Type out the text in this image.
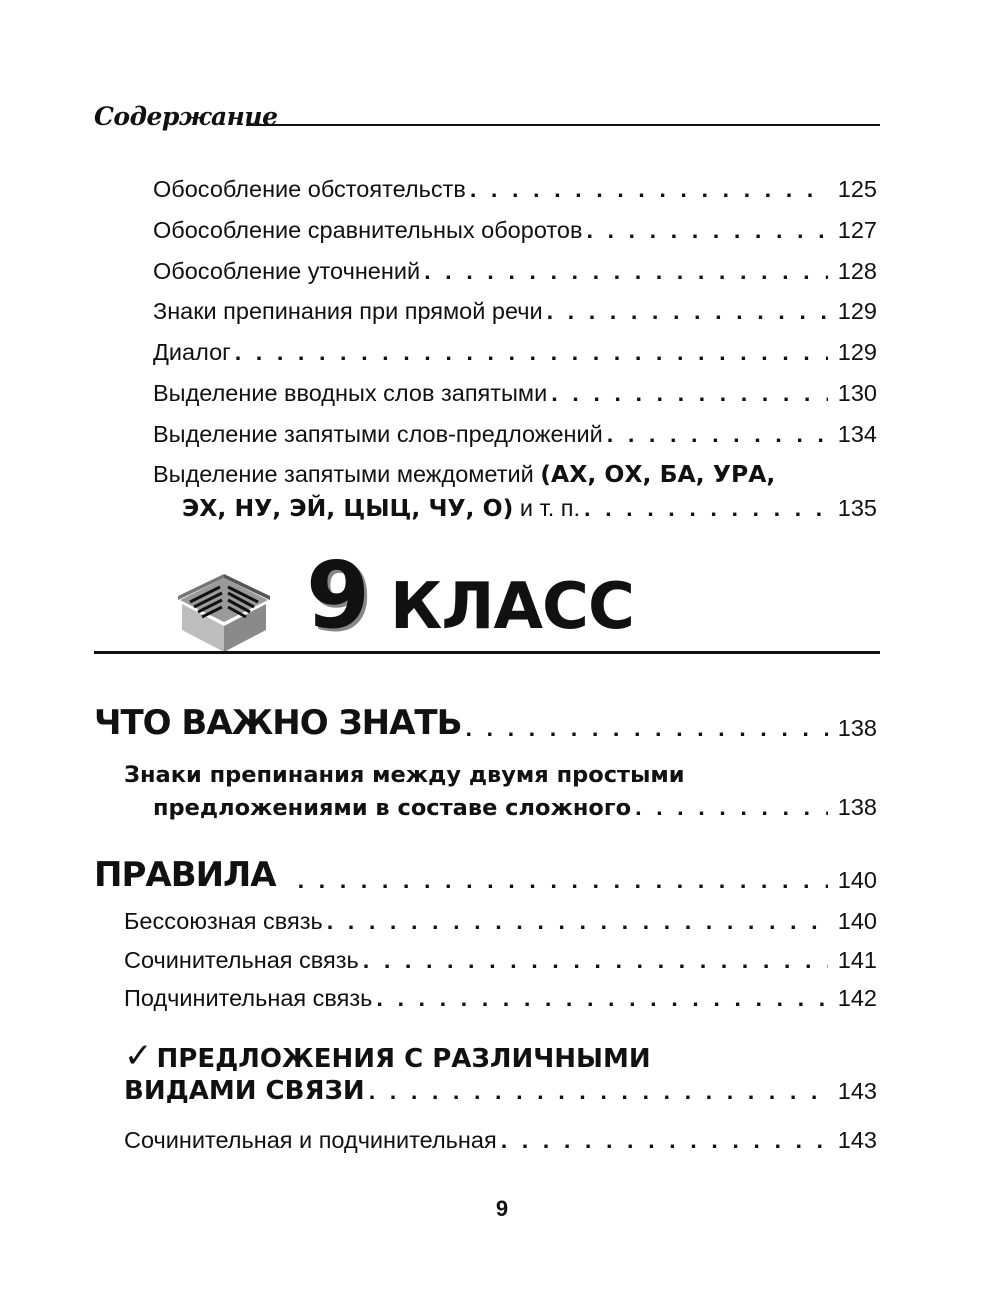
Содержание
Обособление обстоятельств . . .	125
Обособление сравнительных оборотов . . .	127
Обособление уточнений . . .	128
Знаки препинания при прямой речи . . .	129
Диалог . . .	129
Выделение вводных слов запятыми . . .	130
Выделение запятыми слов-предложений . . .	134
Выделение запятыми междометий (АХ, ОХ, БА, УРА,
ЭХ, НУ, ЭЙ, ЦЫЦ, ЧУ, О) и т. п. . . .	135
9 КЛАСС
ЧТО ВАЖНО ЗНАТЬ . . .	138
Знаки препинания между двумя простыми
предложениями в составе сложного . . .	138
ПРАВИЛА . . .	140
Бессоюзная связь . . .	140
Сочинительная связь . . .	141
Подчинительная связь . . .	142
✓ ПРЕДЛОЖЕНИЯ С РАЗЛИЧНЫМИ
ВИДАМИ СВЯЗИ . . .	143
Сочинительная и подчинительная . . .	143
9
